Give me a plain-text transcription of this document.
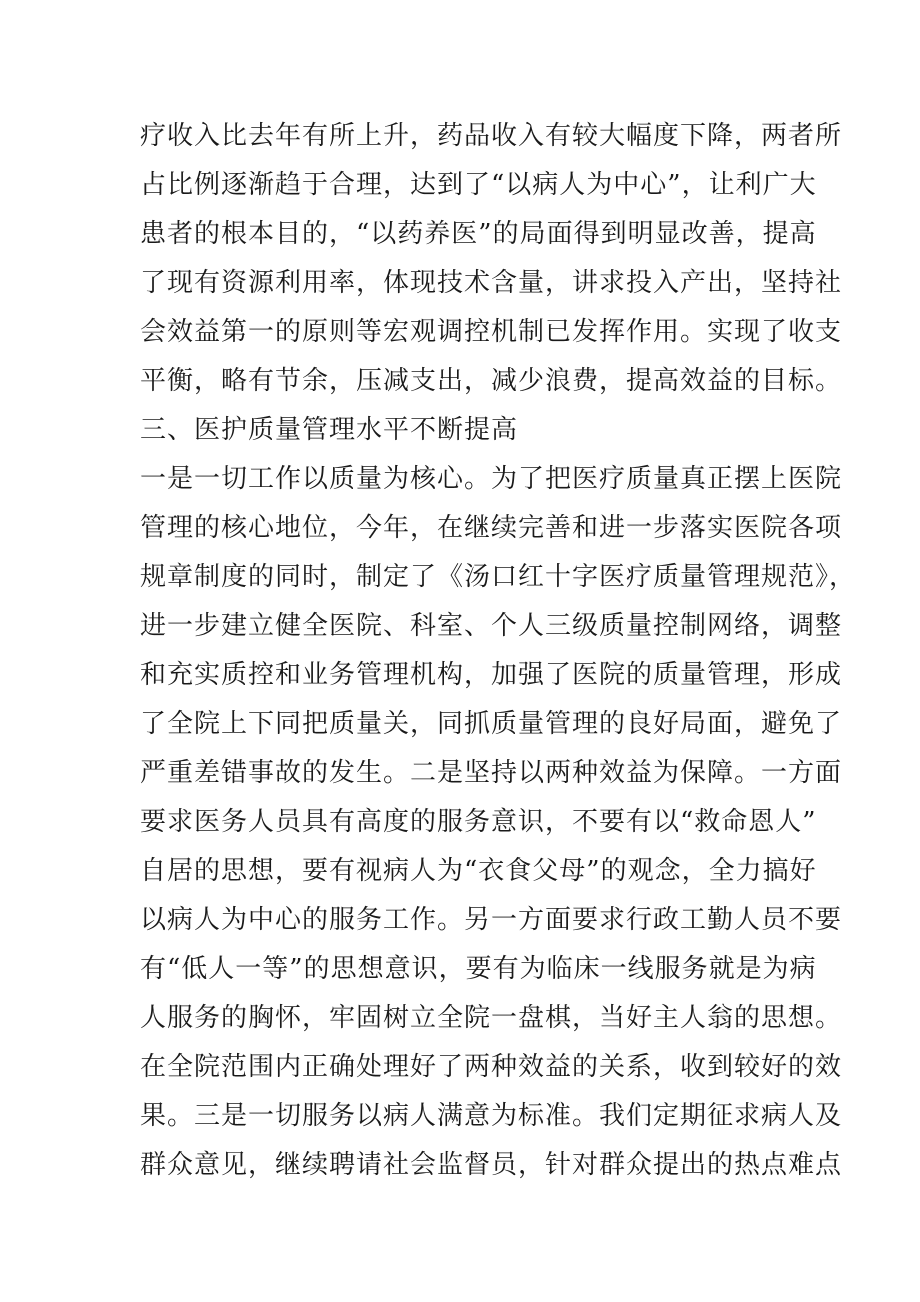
疗收入比去年有所上升，药品收入有较大幅度下降，两者所
占比例逐渐趋于合理，达到了“以病人为中心”，让利广大
患者的根本目的，“以药养医”的局面得到明显改善，提高
了现有资源利用率，体现技术含量，讲求投入产出，坚持社
会效益第一的原则等宏观调控机制已发挥作用。实现了收支
平衡，略有节余，压减支出，减少浪费，提高效益的目标。
三、医护质量管理水平不断提高
一是一切工作以质量为核心。为了把医疗质量真正摆上医院
管理的核心地位，今年，在继续完善和进一步落实医院各项
规章制度的同时，制定了《汤口红十字医疗质量管理规范》，
进一步建立健全医院、科室、个人三级质量控制网络，调整
和充实质控和业务管理机构，加强了医院的质量管理，形成
了全院上下同把质量关，同抓质量管理的良好局面，避免了
严重差错事故的发生。二是坚持以两种效益为保障。一方面
要求医务人员具有高度的服务意识，不要有以“救命恩人”
自居的思想，要有视病人为“衣食父母”的观念，全力搞好
以病人为中心的服务工作。另一方面要求行政工勤人员不要
有“低人一等”的思想意识，要有为临床一线服务就是为病
人服务的胸怀，牢固树立全院一盘棋，当好主人翁的思想。
在全院范围内正确处理好了两种效益的关系，收到较好的效
果。三是一切服务以病人满意为标准。我们定期征求病人及
群众意见，继续聘请社会监督员，针对群众提出的热点难点
